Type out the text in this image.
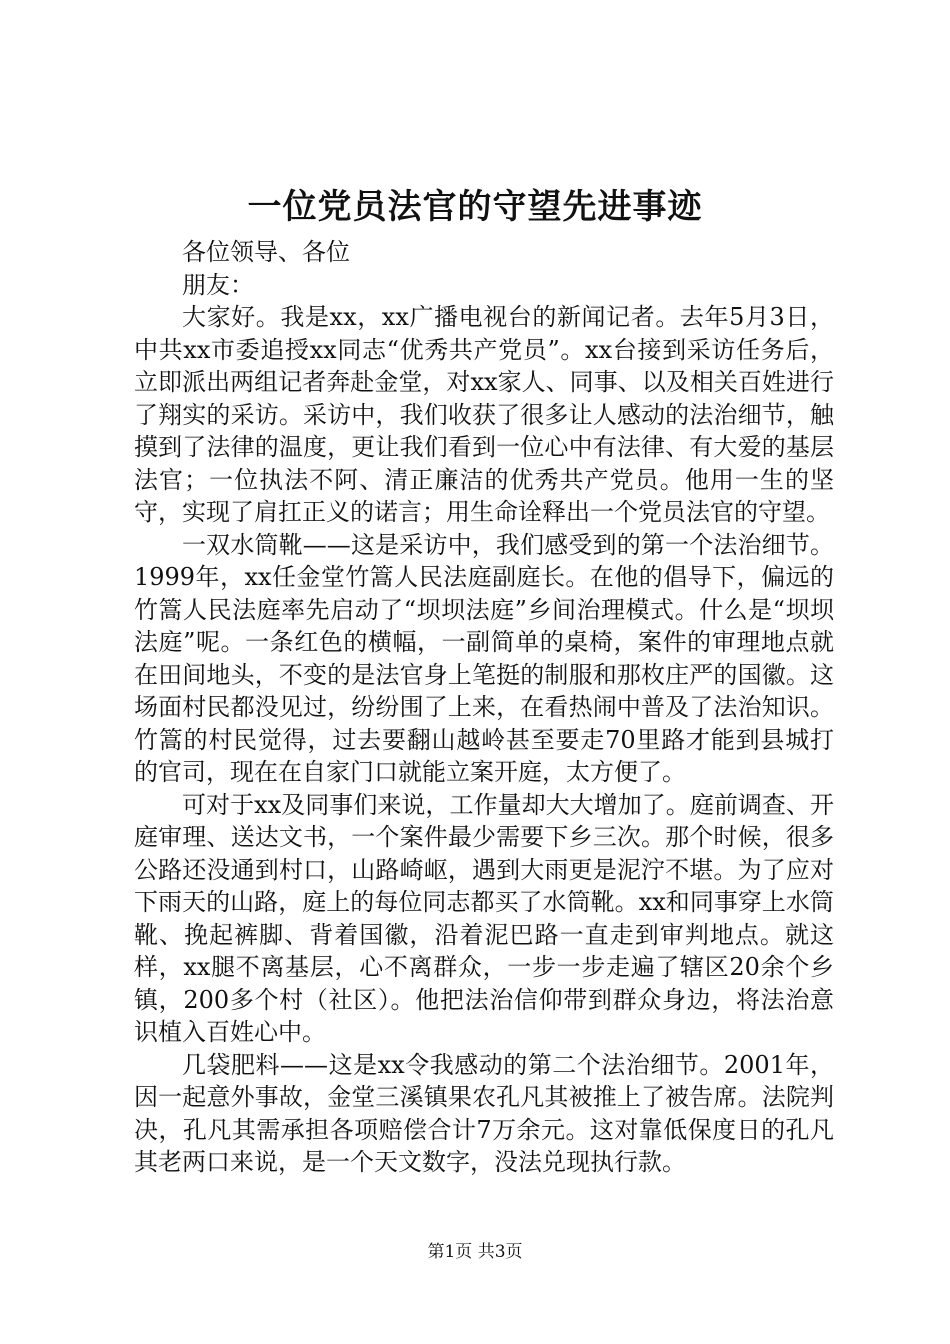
一位党员法官的守望先进事迹

各位领导、各位

朋友：

大家好。我是xx，xx广播电视台的新闻记者。去年5月3日，中共xx市委追授xx同志“优秀共产党员”。xx台接到采访任务后，立即派出两组记者奔赴金堂，对xx家人、同事、以及相关百姓进行了翔实的采访。采访中，我们收获了很多让人感动的法治细节，触摸到了法律的温度，更让我们看到一位心中有法律、有大爱的基层法官；一位执法不阿、清正廉洁的优秀共产党员。他用一生的坚守，实现了肩扛正义的诺言；用生命诠释出一个党员法官的守望。

一双水筒靴——这是采访中，我们感受到的第一个法治细节。1999年，xx任金堂竹篙人民法庭副庭长。在他的倡导下，偏远的竹篙人民法庭率先启动了“坝坝法庭”乡间治理模式。什么是“坝坝法庭”呢。一条红色的横幅，一副简单的桌椅，案件的审理地点就在田间地头，不变的是法官身上笔挺的制服和那枚庄严的国徽。这场面村民都没见过，纷纷围了上来，在看热闹中普及了法治知识。竹篙的村民觉得，过去要翻山越岭甚至要走70里路才能到县城打的官司，现在在自家门口就能立案开庭，太方便了。

可对于xx及同事们来说，工作量却大大增加了。庭前调查、开庭审理、送达文书，一个案件最少需要下乡三次。那个时候，很多公路还没通到村口，山路崎岖，遇到大雨更是泥泞不堪。为了应对下雨天的山路，庭上的每位同志都买了水筒靴。xx和同事穿上水筒靴、挽起裤脚、背着国徽，沿着泥巴路一直走到审判地点。就这样，xx腿不离基层，心不离群众，一步一步走遍了辖区20余个乡镇，200多个村（社区）。他把法治信仰带到群众身边，将法治意识植入百姓心中。

几袋肥料——这是xx令我感动的第二个法治细节。2001年，因一起意外事故，金堂三溪镇果农孔凡其被推上了被告席。法院判决，孔凡其需承担各项赔偿合计7万余元。这对靠低保度日的孔凡其老两口来说，是一个天文数字，没法兑现执行款。

第1页 共3页
